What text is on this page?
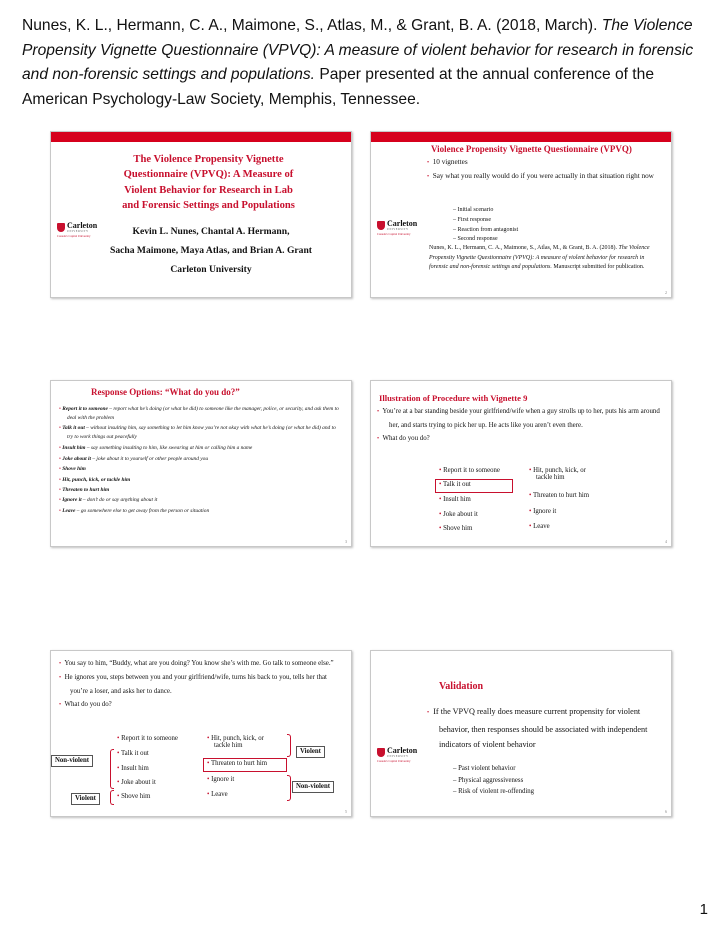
Nunes, K. L., Hermann, C. A., Maimone, S., Atlas, M., & Grant, B. A. (2018, March). The Violence Propensity Vignette Questionnaire (VPVQ): A measure of violent behavior for research in forensic and non-forensic settings and populations. Paper presented at the annual conference of the American Psychology-Law Society, Memphis, Tennessee.
The Violence Propensity Vignette Questionnaire (VPVQ): A Measure of Violent Behavior for Research in Lab and Forensic Settings and Populations
Carleton
UNIVERSITY
Canada's Capital University	Kevin L. Nunes, Chantal A. Hermann,
Sacha Maimone, Maya Atlas, and Brian A. Grant
Carleton University
Violence Propensity Vignette Questionnaire (VPVQ)
• 10 vignettes
• Say what you really would do if you were actually in that situation right now
– Initial scenario
– First response
– Reaction from antagonist
– Second response
Carleton
UNIVERSITY
Canada's Capital University
Nunes, K. L., Hermann, C. A., Maimone, S., Atlas, M., & Grant, B. A. (2018). The Violence Propensity Vignette Questionnaire (VPVQ): A measure of violent behavior for research in forensic and non-forensic settings and populations. Manuscript submitted for publication.
2
Response Options: “What do you do?”
• Report it to someone – report what he’s doing (or what he did) to someone like the manager, police, or security, and ask them to deal with the problem
• Talk it out – without insulting him, say something to let him know you’re not okay with what he’s doing (or what he did) and to try to work things out peacefully
• Insult him – say something insulting to him, like swearing at him or calling him a name
• Joke about it – joke about it to yourself or other people around you
• Shove him
• Hit, punch, kick, or tackle him
• Threaten to hurt him
• Ignore it – don’t do or say anything about it
• Leave – go somewhere else to get away from the person or situation
3
Illustration of Procedure with Vignette 9
• You’re at a bar standing beside your girlfriend/wife when a guy strolls up to her, puts his arm around her, and starts trying to pick her up. He acts like you aren’t even there.
• What do you do?
• Report it to someone
• Talk it out
• Insult him
• Joke about it
• Shove him
• Hit, punch, kick, or
tackle him
• Threaten to hurt him
• Ignore it
• Leave
4
• You say to him, “Buddy, what are you doing? You know she’s with me. Go talk to someone else.”
• He ignores you, steps between you and your girlfriend/wife, turns his back to you, tells her that you’re a loser, and asks her to dance.
• What do you do?
• Report it to someone
• Talk it out
• Insult him
• Joke about it
• Shove him
• Hit, punch, kick, or
tackle him
• Threaten to hurt him
• Ignore it
• Leave
Violent
Non-violent
Non-violent
Violent
5
Validation
• If the VPVQ really does measure current propensity for violent behavior, then responses should be associated with independent indicators of violent behavior
– Past violent behavior
– Physical aggressiveness
– Risk of violent re-offending
Carleton
UNIVERSITY
Canada's Capital University
6
1
